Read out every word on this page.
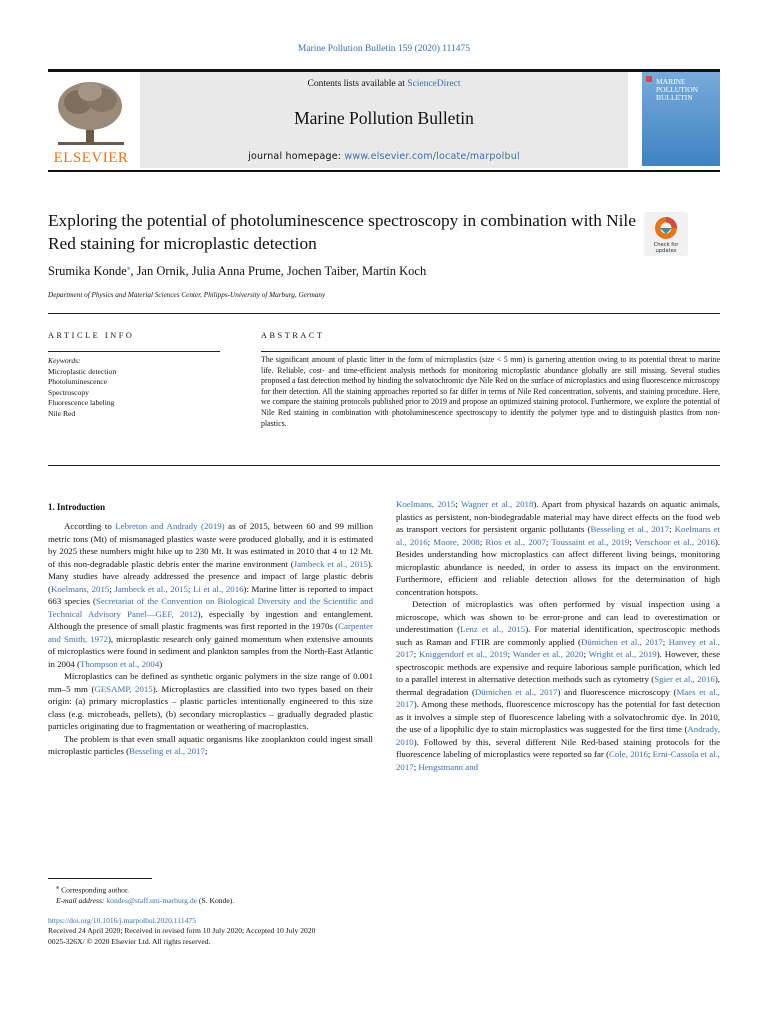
Marine Pollution Bulletin 159 (2020) 111475
ELSEVIER
Contents lists available at ScienceDirect
Marine Pollution Bulletin
journal homepage: www.elsevier.com/locate/marpolbul
MARINE
POLLUTION
BULLETIN
Exploring the potential of photoluminescence spectroscopy in combination with Nile Red staining for microplastic detection	Check for
updates
Srumika Konde⁎, Jan Ornik, Julia Anna Prume, Jochen Taiber, Martin Koch
Department of Physics and Material Sciences Center, Philipps-University of Marburg, Germany
ARTICLE INFO	ABSTRACT
Keywords:
Microplastic detection
Photoluminescence
Spectroscopy
Fluorescence labeling
Nile Red
The significant amount of plastic litter in the form of microplastics (size < 5 mm) is garnering attention owing to its potential threat to marine life. Reliable, cost- and time-efficient analysis methods for monitoring microplastic abundance globally are still missing. Several studies proposed a fast detection method by binding the solvatochromic dye Nile Red on the surface of microplastics and using fluorescence microscopy for their detection. All the staining approaches reported so far differ in terms of Nile Red concentration, solvents, and staining procedure. Here, we compare the staining protocols published prior to 2019 and propose an optimized staining protocol. Furthermore, we explore the potential of Nile Red staining in combination with photoluminescence spectroscopy to identify the polymer type and to distinguish plastics from non-plastics.
1. Introduction

According to Lebreton and Andrady (2019) as of 2015, between 60 and 99 million metric tons (Mt) of mismanaged plastics waste were produced globally, and it is estimated by 2025 these numbers might hike up to 230 Mt. It was estimated in 2010 that 4 to 12 Mt. of this non-degradable plastic debris enter the marine environment (Jambeck et al., 2015). Many studies have already addressed the presence and impact of large plastic debris (Koelmans, 2015; Jambeck et al., 2015; Li et al., 2016): Marine litter is reported to impact 663 species (Secretariat of the Convention on Biological Diversity and the Scientific and Technical Advisory Panel—GEF, 2012), especially by ingestion and entanglement. Although the presence of small plastic fragments was first reported in the 1970s (Carpenter and Smith, 1972), microplastic research only gained momentum when extensive amounts of microplastics were found in sediment and plankton samples from the North-East Atlantic in 2004 (Thompson et al., 2004)

Microplastics can be defined as synthetic organic polymers in the size range of 0.001 mm–5 mm (GESAMP, 2015). Microplastics are classified into two types based on their origin: (a) primary microplastics – plastic particles intentionally engineered to this size class (e.g. microbeads, pellets), (b) secondary microplastics – gradually degraded plastic particles originating due to fragmentation or weathering of macroplastics.

The problem is that even small aquatic organisms like zooplankton could ingest small microplastic particles (Besseling et al., 2017;

Koelmans, 2015; Wagner et al., 2018). Apart from physical hazards on aquatic animals, plastics as persistent, non-biodegradable material may have direct effects on the food web as transport vectors for persistent organic pollutants (Besseling et al., 2017; Koelmans et al., 2016; Moore, 2008; Rios et al., 2007; Toussaint et al., 2019; Verschoor et al., 2016). Besides understanding how microplastics can affect different living beings, monitoring microplastic abundance is needed, in order to assess its impact on the environment. Furthermore, efficient and reliable detection allows for the determination of high concentration hotspots.

Detection of microplastics was often performed by visual inspection using a microscope, which was shown to be error-prone and can lead to overestimation or underestimation (Lenz et al., 2015). For material identification, spectroscopic methods such as Raman and FTIR are commonly applied (Dümichen et al., 2017; Hanvey et al., 2017; Kniggendorf et al., 2019; Wander et al., 2020; Wright et al., 2019). However, these spectroscopic methods are expensive and require laborious sample purification, which led to a parallel interest in alternative detection methods such as cytometry (Sgier et al., 2016), thermal degradation (Dümichen et al., 2017) and fluorescence microscopy (Maes et al., 2017). Among these methods, fluorescence microscopy has the potential for fast detection as it involves a simple step of fluorescence labeling with a solvatochromic dye. In 2010, the use of a lipophilic dye to stain microplastics was suggested for the first time (Andrady, 2010). Followed by this, several different Nile Red-based staining protocols for the fluorescence labeling of microplastics were reported so far (Cole, 2016; Erni-Cassola et al., 2017; Hengstmann and

⁎ Corresponding author.
E-mail address: kondes@staff.uni-marburg.de (S. Konde).
https://doi.org/10.1016/j.marpolbul.2020.111475
Received 24 April 2020; Received in revised form 10 July 2020; Accepted 10 July 2020
0025-326X/ © 2020 Elsevier Ltd. All rights reserved.
